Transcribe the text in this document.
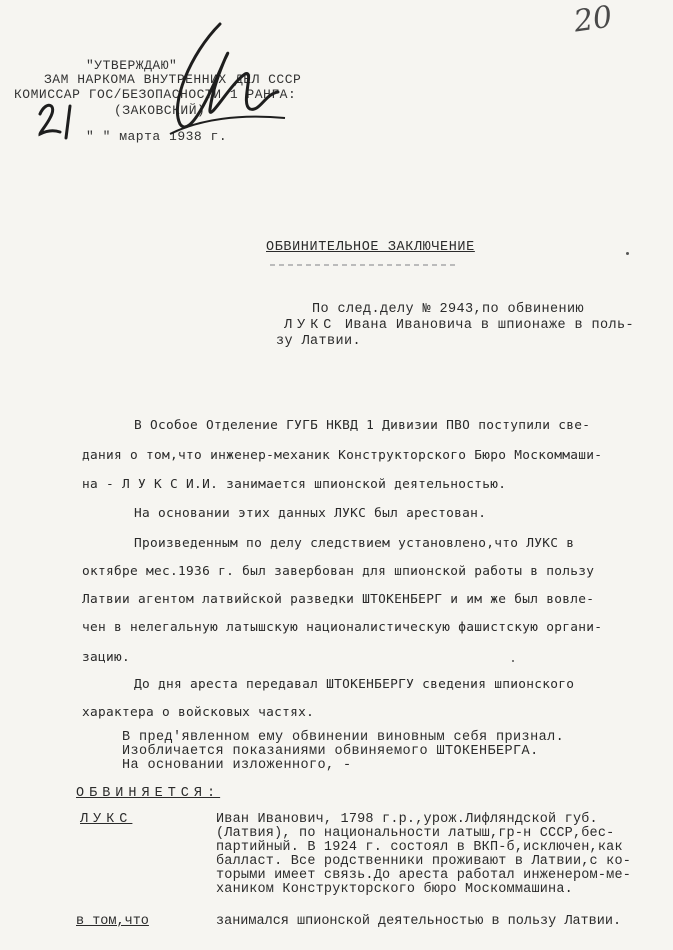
20
"УТВЕРЖДАЮ"
ЗАМ НАРКОМА ВНУТРЕННИХ ДЕЛ СССР
КОМИССАР ГОС/БЕЗОПАСНОСТИ 1 РАНГА:
(ЗАКОВСКИЙ)
" " марта 1938 г.
ОБВИНИТЕЛЬНОЕ ЗАКЛЮЧЕНИЕ
По след.делу № 2943,по обвинению
ЛУКС Ивана Ивановича в шпионаже в поль-
зу Латвии.
В Особое Отделение ГУГБ НКВД 1 Дивизии ПВО поступили све-
дания о том,что инженер-механик Конструкторского Бюро Москоммаши-
на - Л У К С И.И. занимается шпионской деятельностью.
На основании этих данных ЛУКС был арестован.
Произведенным по делу следствием установлено,что ЛУКС в
октябре мес.1936 г. был завербован для шпионской работы в пользу
Латвии агентом латвийской разведки ШТОКЕНБЕРГ и им же был вовле-
чен в нелегальную латышскую националистическую фашистскую органи-
зацию.
До дня ареста передавал ШТОКЕНБЕРГУ сведения шпионского
характера о войсковых частях.
В пред'явленном ему обвинении виновным себя признал.
Изобличается показаниями обвиняемого ШТОКЕНБЕРГА.
На основании изложенного, -
ОБВИНЯЕТСЯ:
ЛУКС	Иван Иванович, 1798 г.р.,урож.Лифляндской губ.
(Латвия), по национальности латыш,гр-н СССР,бес-
партийный. В 1924 г. состоял в ВКП-б,исключен,как
балласт. Все родственники проживают в Латвии,с ко-
торыми имеет связь.До ареста работал инженером-ме-
хаником Конструкторского бюро Москоммашина.
в том,что	занимался шпионской деятельностью в пользу Латвии.
